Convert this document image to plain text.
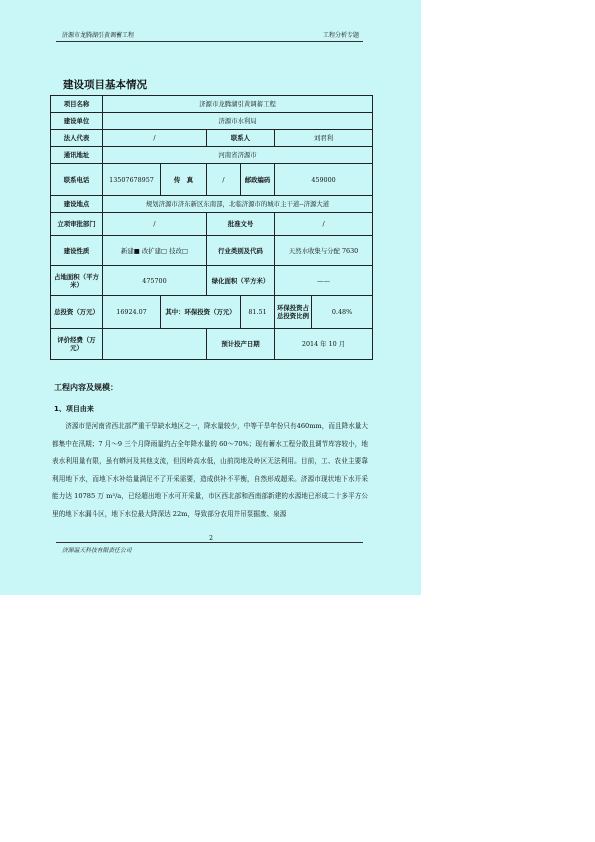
济源市龙腾湖引黄调蓄工程	工程分析专题
建设项目基本情况
项目名称	济源市龙腾湖引黄调蓄工程					
建设单位	济源市水利局					
法人代表	/		联系人		刘君利	
通讯地址	河南省济源市					
联系电话	13507678957	传　真	/	邮政编码	459000	
建设地点	规划济源市济东新区东南部，北临济源市的城市主干道--济源大道					
立项审批部门	/		批准文号		/	
建设性质	新建■ 改扩建□ 技改□		行业类别及代码		天然水收集与分配 7630	
占地面积（平方米）	475700		绿化面积（平方米）		——	
总投资（万元）	16924.07	其中：环保投资（万元）		81.51	环保投资占总投资比例	0.48%
评价经费（万元）			预计投产日期		2014 年 10 月	
工程内容及规模：
1、项目由来
　　济源市是河南省西北部严重干旱缺水地区之一，降水量较少，中等干旱年份只有460mm，而且降水量大都集中在汛期；7 月～9 三个月降雨量约占全年降水量的 60～70%；现有蓄水工程分散且调节库容较小，地表水利用量有限，虽有蟒河及其他支流，但因岭高水低，山前岗地及岭区无法利用。目前，工、农业主要靠利用地下水，而地下水补给量满足不了开采需要，造成供补不平衡，自然形成超采。济源市现状地下水开采能力达 10785 万 m³/a，已经超出地下水可开采量，市区西北部和西南部新建的水源地已形成二十多平方公里的地下水漏斗区，地下水位最大降深达 22m，导致部分农用井吊泵掘废、泉源
2
济源温天科技有限责任公司
